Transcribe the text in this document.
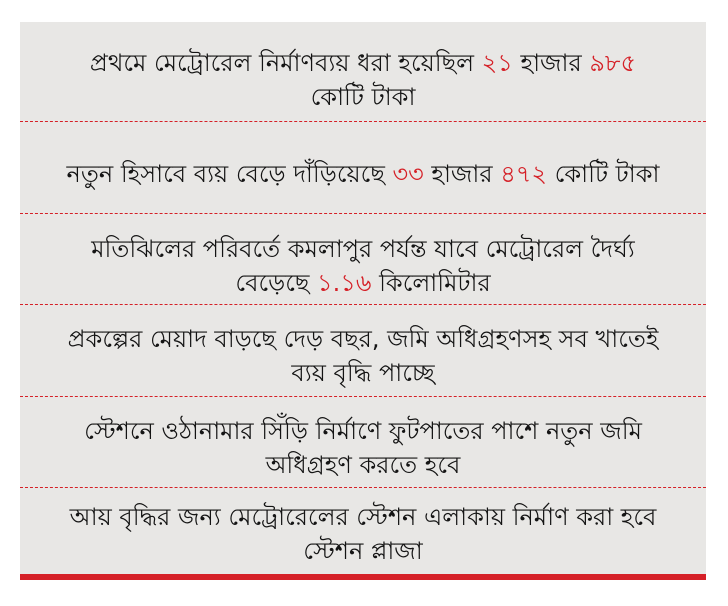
প্রথমে মেট্রোরেল নির্মাণব্যয় ধরা হয়েছিল ২১ হাজার ৯৮৫ কোটি টাকা

নতুন হিসাবে ব্যয় বেড়ে দাঁড়িয়েছে ৩৩ হাজার ৪৭২ কোটি টাকা

মতিঝিলের পরিবর্তে কমলাপুর পর্যন্ত যাবে মেট্রোরেল দৈর্ঘ্য বেড়েছে ১.১৬ কিলোমিটার

প্রকল্পের মেয়াদ বাড়ছে দেড় বছর, জমি অধিগ্রহণসহ সব খাতেই ব্যয় বৃদ্ধি পাচ্ছে

স্টেশনে ওঠানামার সিঁড়ি নির্মাণে ফুটপাতের পাশে নতুন জমি অধিগ্রহণ করতে হবে

আয় বৃদ্ধির জন্য মেট্রোরেলের স্টেশন এলাকায় নির্মাণ করা হবে স্টেশন প্লাজা
